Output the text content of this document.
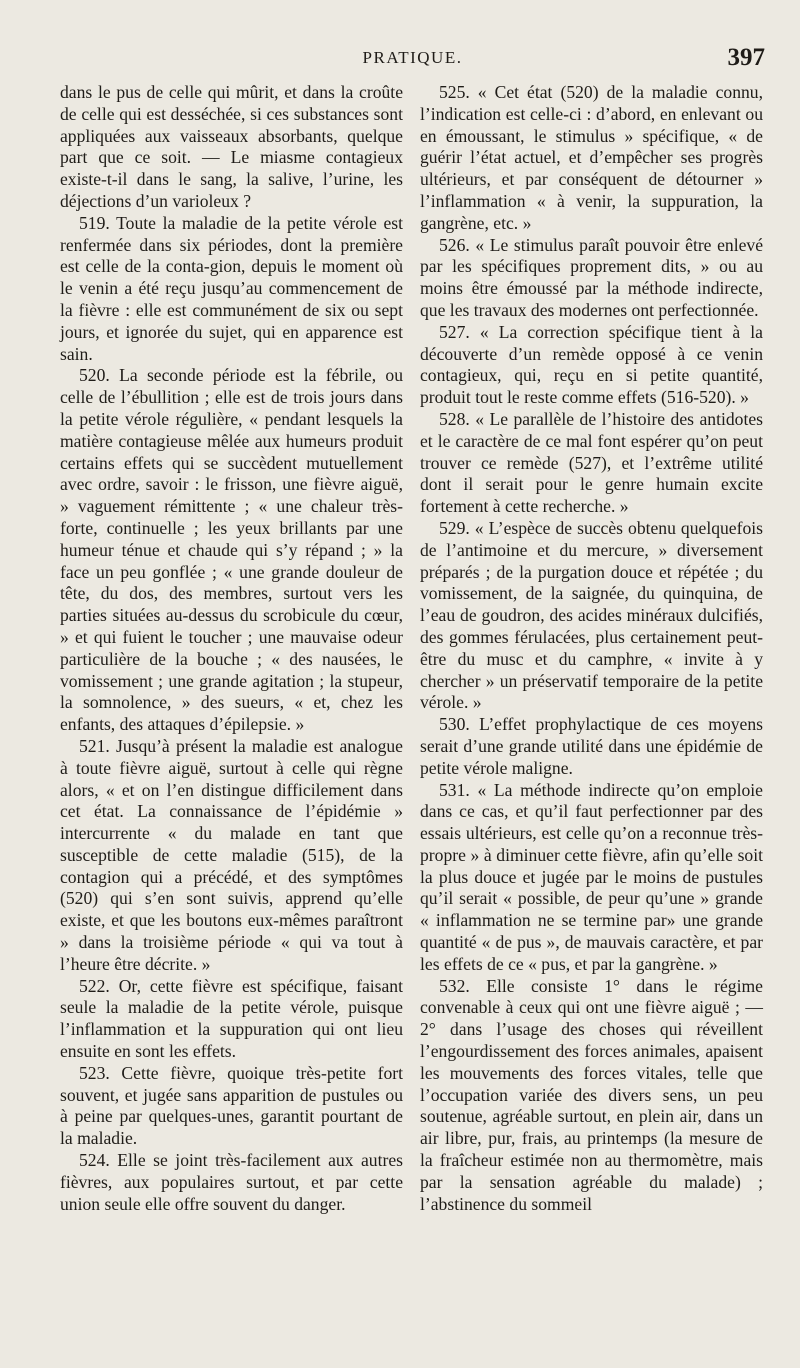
PRATIQUE.	397

dans le pus de celle qui mûrit, et dans la croûte de celle qui est desséchée, si ces substances sont appliquées aux vaisseaux absorbants, quelque part que ce soit. — Le miasme contagieux existe-t-il dans le sang, la salive, l’urine, les déjections d’un varioleux ?

519. Toute la maladie de la petite vérole est renfermée dans six périodes, dont la première est celle de la conta-gion, depuis le moment où le venin a été reçu jusqu’au commencement de la fièvre : elle est communément de six ou sept jours, et ignorée du sujet, qui en apparence est sain.

520. La seconde période est la fébrile, ou celle de l’ébullition ; elle est de trois jours dans la petite vérole régulière, « pendant lesquels la matière contagieuse mêlée aux humeurs produit certains effets qui se succèdent mutuellement avec ordre, savoir : le frisson, une fièvre aiguë, » vaguement rémittente ; « une chaleur très-forte, continuelle ; les yeux brillants par une humeur ténue et chaude qui s’y répand ; » la face un peu gonflée ; « une grande douleur de tête, du dos, des membres, surtout vers les parties situées au-dessus du scrobicule du cœur, » et qui fuient le toucher ; une mauvaise odeur particulière de la bouche ; « des nausées, le vomissement ; une grande agitation ; la stupeur, la somnolence, » des sueurs, « et, chez les enfants, des attaques d’épilepsie. »

521. Jusqu’à présent la maladie est analogue à toute fièvre aiguë, surtout à celle qui règne alors, « et on l’en distingue difficilement dans cet état. La connaissance de l’épidémie » intercurrente « du malade en tant que susceptible de cette maladie (515), de la contagion qui a précédé, et des symptômes (520) qui s’en sont suivis, apprend qu’elle existe, et que les boutons eux-mêmes paraîtront » dans la troisième période « qui va tout à l’heure être décrite. »

522. Or, cette fièvre est spécifique, faisant seule la maladie de la petite vérole, puisque l’inflammation et la suppuration qui ont lieu ensuite en sont les effets.

523. Cette fièvre, quoique très-petite fort souvent, et jugée sans apparition de pustules ou à peine par quelques-unes, garantit pourtant de la maladie.

524. Elle se joint très-facilement aux autres fièvres, aux populaires surtout, et par cette union seule elle offre souvent du danger.

525. « Cet état (520) de la maladie connu, l’indication est celle-ci : d’abord, en enlevant ou en émoussant, le stimulus » spécifique, « de guérir l’état actuel, et d’empêcher ses progrès ultérieurs, et par conséquent de détourner » l’inflammation « à venir, la suppuration, la gangrène, etc. »

526. « Le stimulus paraît pouvoir être enlevé par les spécifiques proprement dits, » ou au moins être émoussé par la méthode indirecte, que les travaux des modernes ont perfectionnée.

527. « La correction spécifique tient à la découverte d’un remède opposé à ce venin contagieux, qui, reçu en si petite quantité, produit tout le reste comme effets (516-520). »

528. « Le parallèle de l’histoire des antidotes et le caractère de ce mal font espérer qu’on peut trouver ce remède (527), et l’extrême utilité dont il serait pour le genre humain excite fortement à cette recherche. »

529. « L’espèce de succès obtenu quelquefois de l’antimoine et du mercure, » diversement préparés ; de la purgation douce et répétée ; du vomissement, de la saignée, du quinquina, de l’eau de goudron, des acides minéraux dulcifiés, des gommes férulacées, plus certainement peut-être du musc et du camphre, « invite à y chercher » un préservatif temporaire de la petite vérole. »

530. L’effet prophylactique de ces moyens serait d’une grande utilité dans une épidémie de petite vérole maligne.

531. « La méthode indirecte qu’on emploie dans ce cas, et qu’il faut perfectionner par des essais ultérieurs, est celle qu’on a reconnue très-propre » à diminuer cette fièvre, afin qu’elle soit la plus douce et jugée par le moins de pustules qu’il serait « possible, de peur qu’une » grande « inflammation ne se termine par» une grande quantité « de pus », de mauvais caractère, et par les effets de ce « pus, et par la gangrène. »

532. Elle consiste 1° dans le régime convenable à ceux qui ont une fièvre aiguë ; — 2° dans l’usage des choses qui réveillent l’engourdissement des forces animales, apaisent les mouvements des forces vitales, telle que l’occupation variée des divers sens, un peu soutenue, agréable surtout, en plein air, dans un air libre, pur, frais, au printemps (la mesure de la fraîcheur estimée non au thermomètre, mais par la sensation agréable du malade) ; l’abstinence du sommeil
